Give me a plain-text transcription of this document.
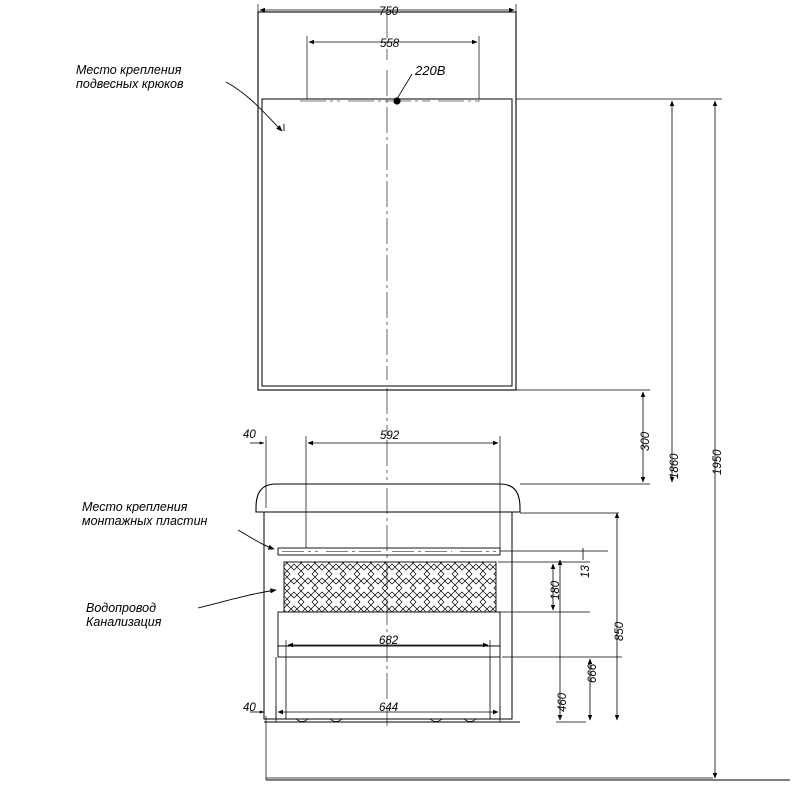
Место крепления
подвесных крюков
Место крепления
монтажных пластин
Водопровод
Канализация
220В
750
558
40	592
682
644
40
300
1860	1950
13
180
850
666
460
